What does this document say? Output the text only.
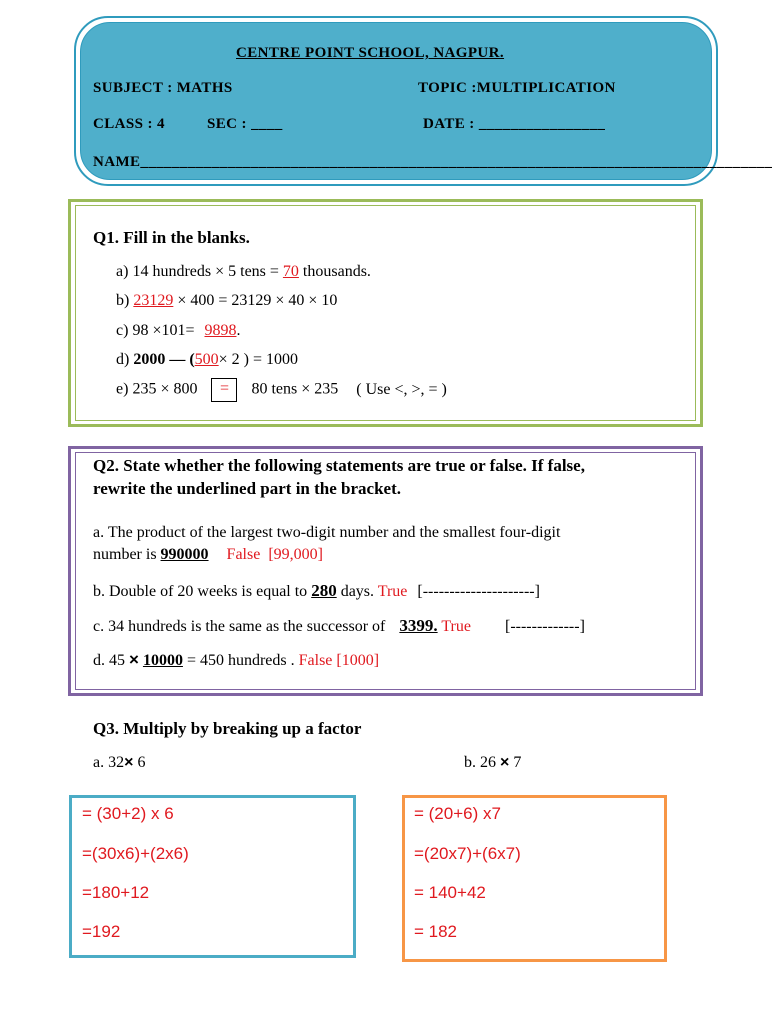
CENTRE POINT SCHOOL, NAGPUR.
SUBJECT : MATHS	TOPIC :MULTIPLICATION
CLASS : 4	SEC : ____	DATE : ________________
NAME________________________________________________________________________________
Q1. Fill in the blanks.
a) 14 hundreds × 5 tens = 70 thousands.
b) 23129 × 400 = 23129 × 40 × 10
c) 98 ×101= 9898.
d) 2000 — (500× 2 ) = 1000
e) 235 × 800 = 80 tens × 235 ( Use <, >, = )
Q2. State whether the following statements are true or false. If false,
rewrite the underlined part in the bracket.
a. The product of the largest two-digit number and the smallest four-digit
number is 990000 False [99,000]
b. Double of 20 weeks is equal to 280 days. True [---------------------]
c. 34 hundreds is the same as the successor of 3399. True [-------------]
d. 45 × 10000 = 450 hundreds . False [1000]
Q3. Multiply by breaking up a factor
a. 32× 6	b. 26 × 7
= (30+2) x 6
=(30x6)+(2x6)
=180+12
=192
= (20+6) x7
=(20x7)+(6x7)
= 140+42
= 182
